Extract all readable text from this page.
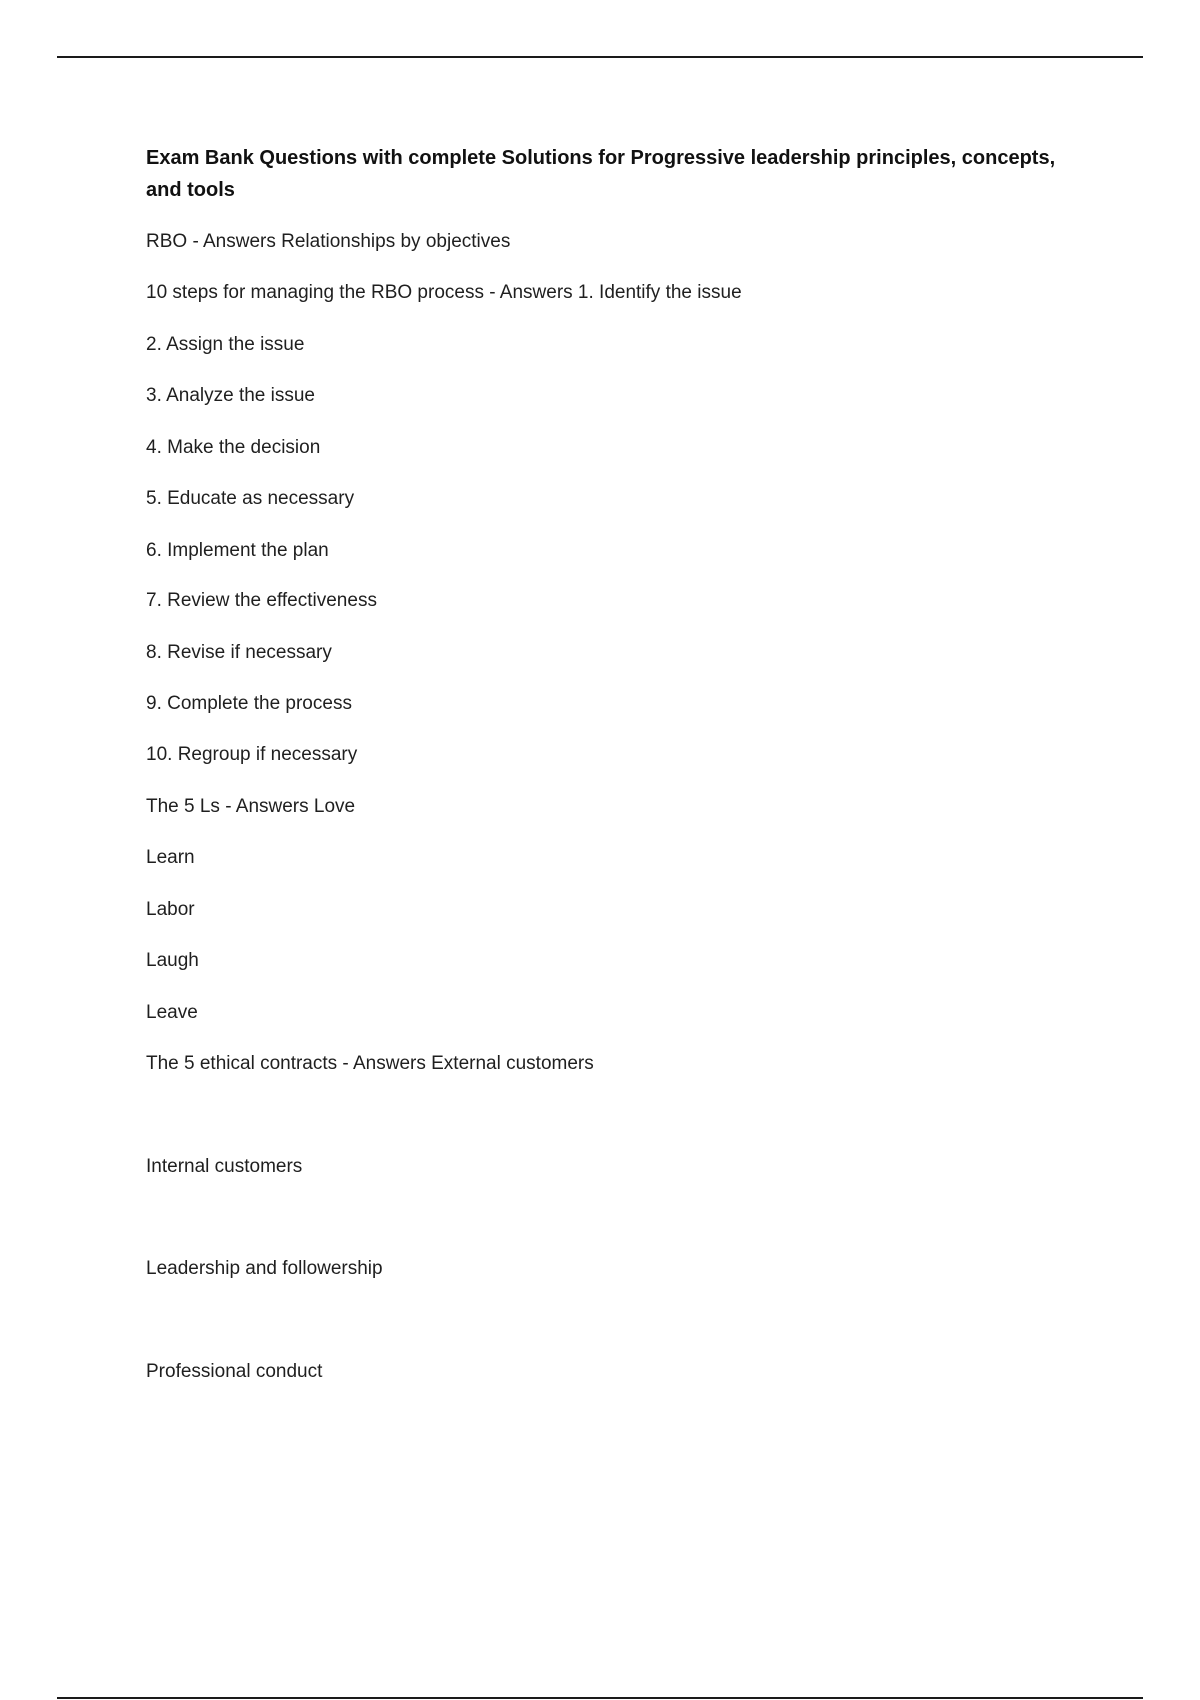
Exam Bank Questions with complete Solutions for Progressive leadership principles, concepts, and tools

RBO - Answers Relationships by objectives

10 steps for managing the RBO process - Answers 1. Identify the issue

2. Assign the issue

3. Analyze the issue

4. Make the decision

5. Educate as necessary

6. Implement the plan

7. Review the effectiveness

8. Revise if necessary

9. Complete the process

10. Regroup if necessary

The 5 Ls - Answers Love

Learn

Labor

Laugh

Leave

The 5 ethical contracts - Answers External customers

Internal customers

Leadership and followership

Professional conduct
